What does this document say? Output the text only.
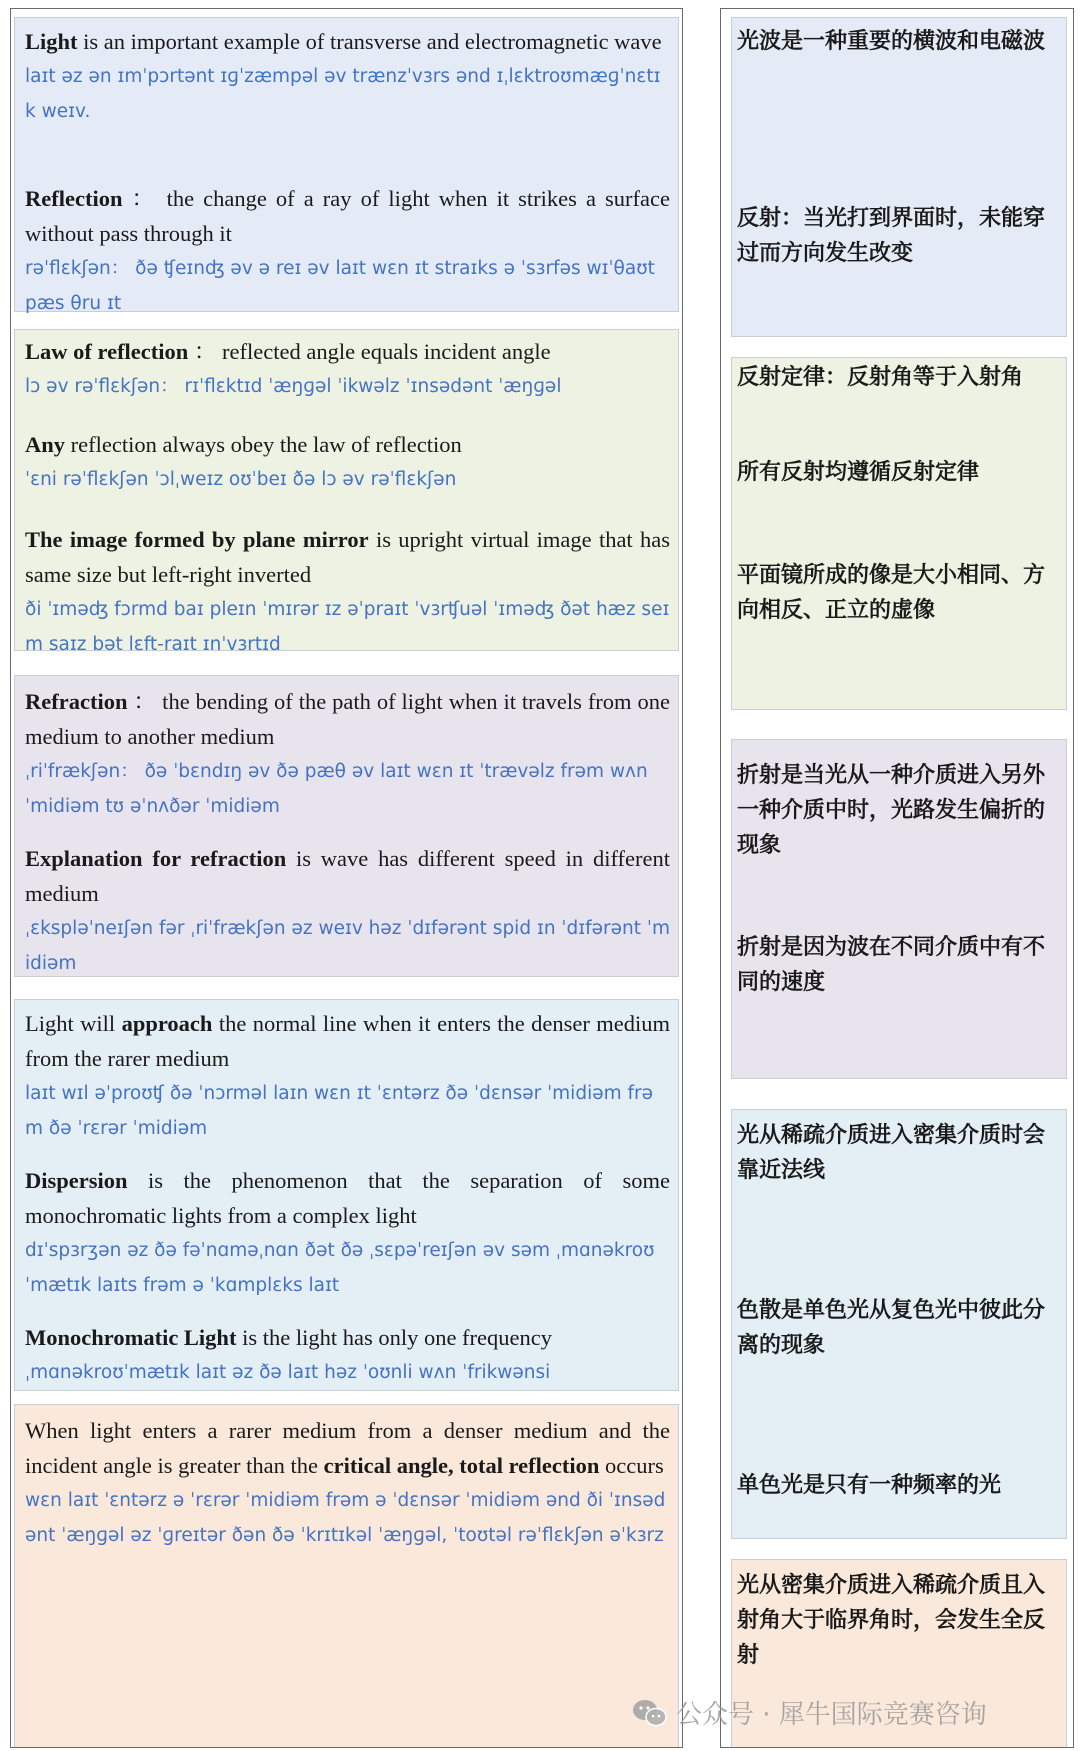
Light is an important example of transverse and electromagnetic wave

laɪt əz ən ɪmˈpɔrtənt ɪɡˈzæmpəl əv trænzˈvɜrs ənd ɪˌlɛktroʊmæɡˈnɛtɪk weɪv.

Reflection ： the change of a ray of light when it strikes a surface without pass through it

rəˈflɛkʃən： ðə ʧeɪnʤ əv ə reɪ əv laɪt wɛn ɪt straɪks ə ˈsɜrfəs wɪˈθaʊt pæs θru ɪt

Law of reflection ： reflected angle equals incident angle

lɔ əv rəˈflɛkʃən： rɪˈflɛktɪd ˈæŋɡəl ˈikwəlz ˈɪnsədənt ˈæŋɡəl

Any reflection always obey the law of reflection

ˈɛni rəˈflɛkʃən ˈɔlˌweɪz oʊˈbeɪ ðə lɔ əv rəˈflɛkʃən

The image formed by plane mirror is upright virtual image that has same size but left-right inverted

ði ˈɪməʤ fɔrmd baɪ pleɪn ˈmɪrər ɪz əˈpraɪt ˈvɜrʧuəl ˈɪməʤ ðət hæz seɪm saɪz bət lɛft-raɪt ɪnˈvɜrtɪd

Refraction ： the bending of the path of light when it travels from one medium to another medium

ˌriˈfrækʃən： ðə ˈbɛndɪŋ əv ðə pæθ əv laɪt wɛn ɪt ˈtrævəlz frəm wʌn ˈmidiəm tʊ əˈnʌðər ˈmidiəm

Explanation for refraction is wave has different speed in different medium

ˌɛkspləˈneɪʃən fər ˌriˈfrækʃən əz weɪv həz ˈdɪfərənt spid ɪn ˈdɪfərənt ˈmidiəm

Light will approach the normal line when it enters the denser medium from the rarer medium

laɪt wɪl əˈproʊʧ ðə ˈnɔrməl laɪn wɛn ɪt ˈɛntərz ðə ˈdɛnsər ˈmidiəm frəm ðə ˈrɛrər ˈmidiəm

Dispersion is the phenomenon that the separation of some monochromatic lights from a complex light

dɪˈspɜrʒən əz ðə fəˈnɑməˌnɑn ðət ðə ˌsɛpəˈreɪʃən əv səm ˌmɑnəkroʊˈmætɪk laɪts frəm ə ˈkɑmplɛks laɪt

Monochromatic Light is the light has only one frequency

ˌmɑnəkroʊˈmætɪk laɪt əz ðə laɪt həz ˈoʊnli wʌn ˈfrikwənsi

When light enters a rarer medium from a denser medium and the incident angle is greater than the critical angle, total reflection occurs

wɛn laɪt ˈɛntərz ə ˈrɛrər ˈmidiəm frəm ə ˈdɛnsər ˈmidiəm ənd ði ˈɪnsədənt ˈæŋɡəl əz ˈɡreɪtər ðən ðə ˈkrɪtɪkəl ˈæŋɡəl, ˈtoʊtəl rəˈflɛkʃən əˈkɜrz

光波是一种重要的横波和电磁波

反射：当光打到界面时，未能穿过而方向发生改变

反射定律：反射角等于入射角

所有反射均遵循反射定律

平面镜所成的像是大小相同、方向相反、正立的虚像

折射是当光从一种介质进入另外一种介质中时，光路发生偏折的现象

折射是因为波在不同介质中有不同的速度

光从稀疏介质进入密集介质时会靠近法线

色散是单色光从复色光中彼此分离的现象

单色光是只有一种频率的光

光从密集介质进入稀疏介质且入射角大于临界角时，会发生全反射

公众号 · 犀牛国际竞赛咨询
